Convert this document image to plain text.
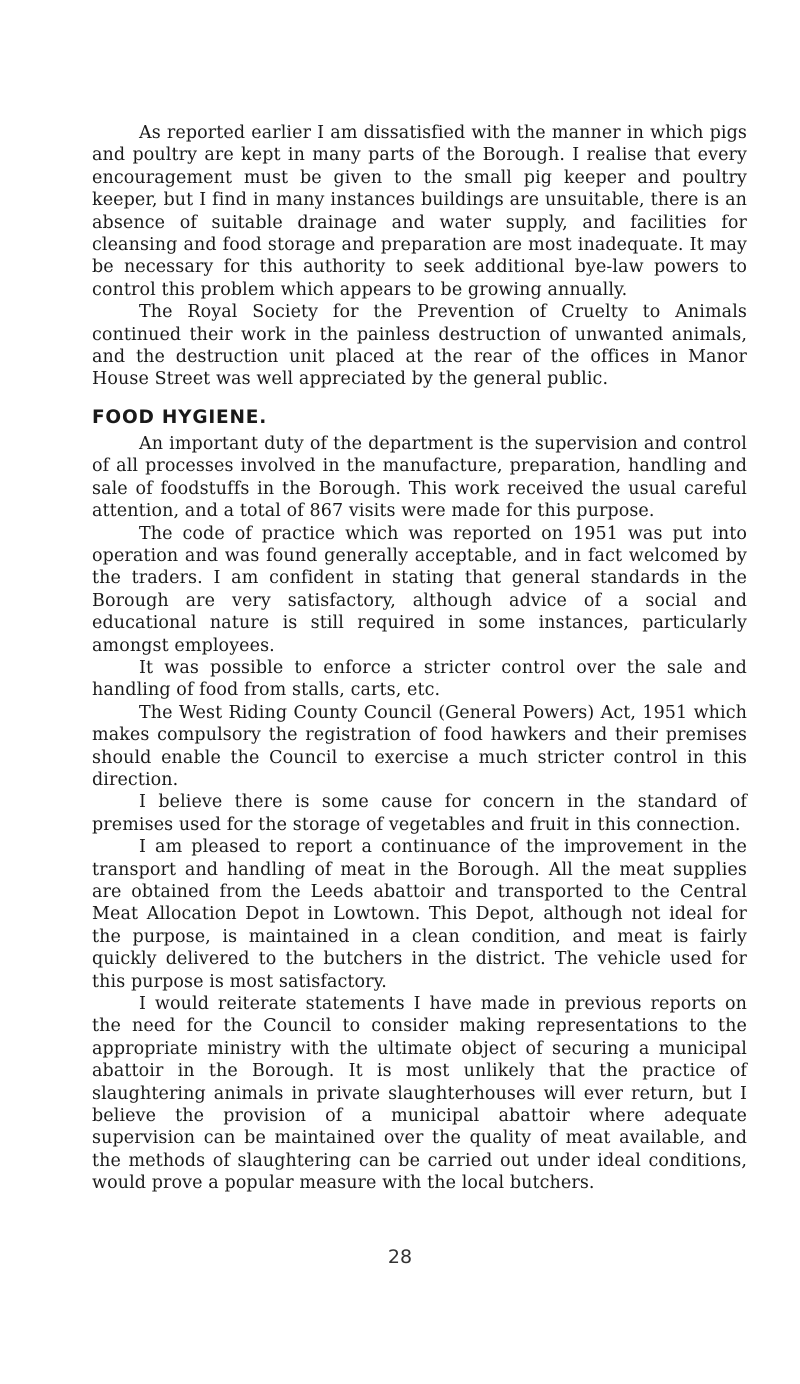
As reported earlier I am dissatisfied with the manner in which pigs and poultry are kept in many parts of the Borough. I realise that every encouragement must be given to the small pig keeper and poultry keeper, but I find in many instances buildings are unsuitable, there is an absence of suitable drainage and water supply, and facilities for cleansing and food storage and preparation are most inadequate. It may be necessary for this authority to seek additional bye-law powers to control this problem which appears to be growing annually.

The Royal Society for the Prevention of Cruelty to Animals continued their work in the painless destruction of unwanted animals, and the destruction unit placed at the rear of the offices in Manor House Street was well appreciated by the general public.

FOOD HYGIENE.

An important duty of the department is the supervision and control of all processes involved in the manufacture, preparation, handling and sale of foodstuffs in the Borough. This work received the usual careful attention, and a total of 867 visits were made for this purpose.

The code of practice which was reported on 1951 was put into operation and was found generally acceptable, and in fact welcomed by the traders. I am confident in stating that general standards in the Borough are very satisfactory, although advice of a social and educational nature is still required in some instances, particularly amongst employees.

It was possible to enforce a stricter control over the sale and handling of food from stalls, carts, etc.

The West Riding County Council (General Powers) Act, 1951 which makes compulsory the registration of food hawkers and their premises should enable the Council to exercise a much stricter control in this direction.

I believe there is some cause for concern in the standard of premises used for the storage of vegetables and fruit in this connection.

I am pleased to report a continuance of the improvement in the transport and handling of meat in the Borough. All the meat supplies are obtained from the Leeds abattoir and transported to the Central Meat Allocation Depot in Lowtown. This Depot, although not ideal for the purpose, is maintained in a clean condition, and meat is fairly quickly delivered to the butchers in the district. The vehicle used for this purpose is most satisfactory.

I would reiterate statements I have made in previous reports on the need for the Council to consider making representations to the appropriate ministry with the ultimate object of securing a municipal abattoir in the Borough. It is most unlikely that the practice of slaughtering animals in private slaughterhouses will ever return, but I believe the provision of a municipal abattoir where adequate supervision can be maintained over the quality of meat available, and the methods of slaughtering can be carried out under ideal conditions, would prove a popular measure with the local butchers.

28
